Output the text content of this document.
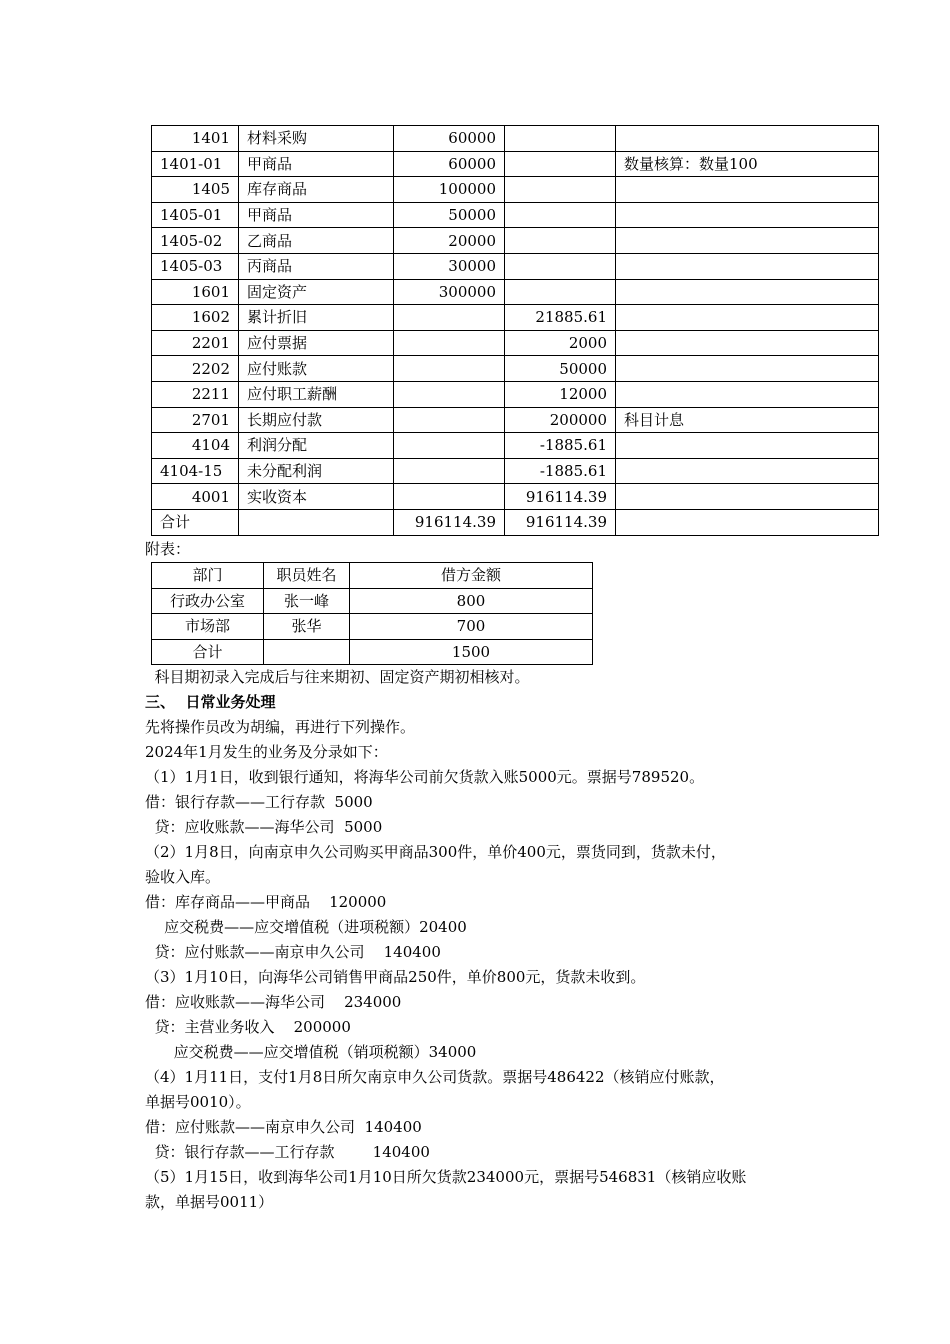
1401	材料采购	60000		
1401-01	甲商品	60000		数量核算：数量100
1405	库存商品	100000		
1405-01	甲商品	50000		
1405-02	乙商品	20000		
1405-03	丙商品	30000		
1601	固定资产	300000		
1602	累计折旧		21885.61	
2201	应付票据		2000	
2202	应付账款		50000	
2211	应付职工薪酬		12000	
2701	长期应付款		200000	科目计息
4104	利润分配		-1885.61	
4104-15	未分配利润		-1885.61	
4001	实收资本		916114.39	
合计		916114.39	916114.39	
附表：
部门	职员姓名	借方金额
行政办公室	张一峰	800
市场部	张华	700
合计		1500
科目期初录入完成后与往来期初、固定资产期初相核对。
三、  日常业务处理
先将操作员改为胡编，再进行下列操作。
2024年1月发生的业务及分录如下：
（1）1月1日，收到银行通知，将海华公司前欠货款入账5000元。票据号789520。
借：银行存款——工行存款  5000
贷：应收账款——海华公司  5000
（2）1月8日，向南京申久公司购买甲商品300件，单价400元，票货同到，货款未付，
验收入库。
借：库存商品——甲商品    120000
应交税费——应交增值税（进项税额）20400
贷：应付账款——南京申久公司    140400
（3）1月10日，向海华公司销售甲商品250件，单价800元，货款未收到。
借：应收账款——海华公司    234000
贷：主营业务收入    200000
应交税费——应交增值税（销项税额）34000
（4）1月11日，支付1月8日所欠南京申久公司货款。票据号486422（核销应付账款，
单据号0010）。
借：应付账款——南京申久公司  140400
贷：银行存款——工行存款        140400
（5）1月15日，收到海华公司1月10日所欠货款234000元，票据号546831（核销应收账
款，单据号0011）
